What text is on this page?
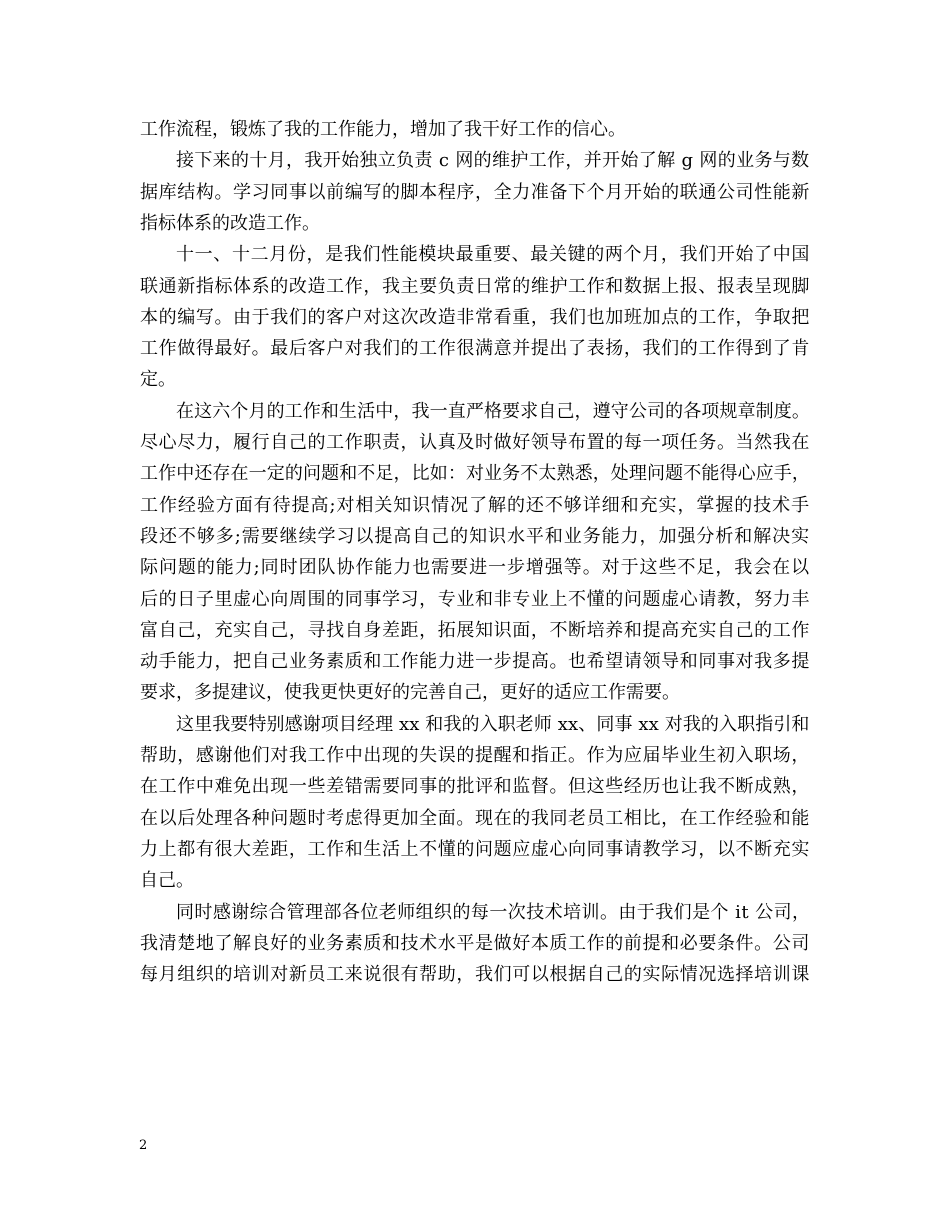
工作流程，锻炼了我的工作能力，增加了我干好工作的信心。
接下来的十月，我开始独立负责 c 网的维护工作，并开始了解 g 网的业务与数
据库结构。学习同事以前编写的脚本程序，全力准备下个月开始的联通公司性能新
指标体系的改造工作。
十一、十二月份，是我们性能模块最重要、最关键的两个月，我们开始了中国
联通新指标体系的改造工作，我主要负责日常的维护工作和数据上报、报表呈现脚
本的编写。由于我们的客户对这次改造非常看重，我们也加班加点的工作，争取把
工作做得最好。最后客户对我们的工作很满意并提出了表扬，我们的工作得到了肯
定。
在这六个月的工作和生活中，我一直严格要求自己，遵守公司的各项规章制度。
尽心尽力，履行自己的工作职责，认真及时做好领导布置的每一项任务。当然我在
工作中还存在一定的问题和不足，比如：对业务不太熟悉，处理问题不能得心应手，
工作经验方面有待提高;对相关知识情况了解的还不够详细和充实，掌握的技术手
段还不够多;需要继续学习以提高自己的知识水平和业务能力，加强分析和解决实
际问题的能力;同时团队协作能力也需要进一步增强等。对于这些不足，我会在以
后的日子里虚心向周围的同事学习，专业和非专业上不懂的问题虚心请教，努力丰
富自己，充实自己，寻找自身差距，拓展知识面，不断培养和提高充实自己的工作
动手能力，把自己业务素质和工作能力进一步提高。也希望请领导和同事对我多提
要求，多提建议，使我更快更好的完善自己，更好的适应工作需要。
这里我要特别感谢项目经理 xx 和我的入职老师 xx、同事 xx 对我的入职指引和
帮助，感谢他们对我工作中出现的失误的提醒和指正。作为应届毕业生初入职场，
在工作中难免出现一些差错需要同事的批评和监督。但这些经历也让我不断成熟，
在以后处理各种问题时考虑得更加全面。现在的我同老员工相比，在工作经验和能
力上都有很大差距，工作和生活上不懂的问题应虚心向同事请教学习，以不断充实
自己。
同时感谢综合管理部各位老师组织的每一次技术培训。由于我们是个 it 公司，
我清楚地了解良好的业务素质和技术水平是做好本质工作的前提和必要条件。公司
每月组织的培训对新员工来说很有帮助，我们可以根据自己的实际情况选择培训课
2
